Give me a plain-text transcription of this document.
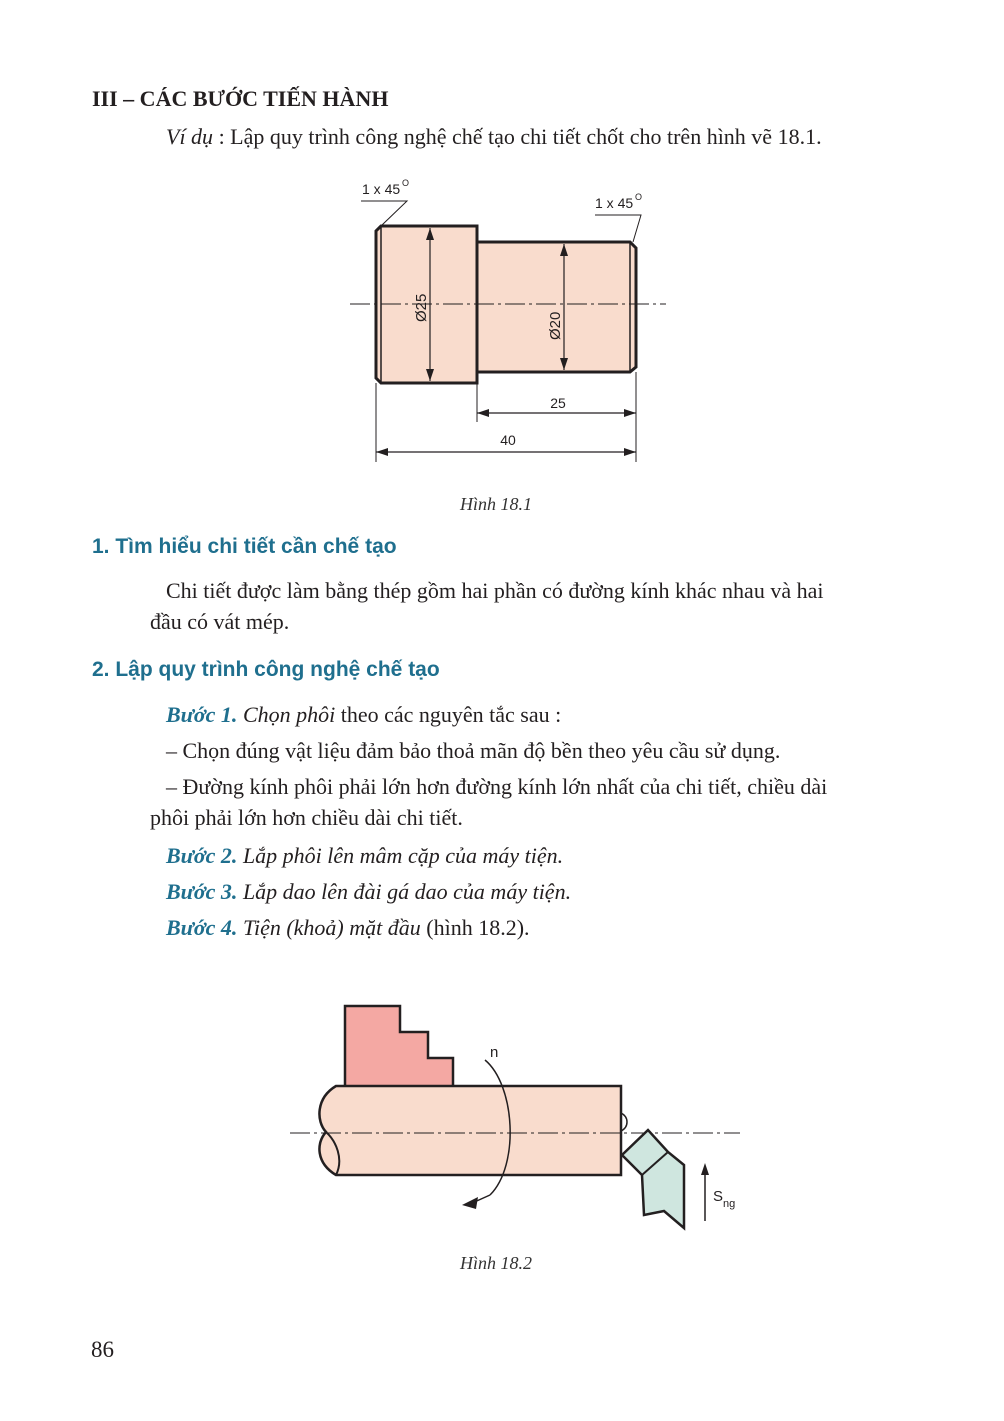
III – CÁC BƯỚC TIẾN HÀNH
Ví dụ : Lập quy trình công nghệ chế tạo chi tiết chốt cho trên hình vẽ 18.1.
Ø25
Ø20
25
40
1 x 45 O
1 x 45 O
Hình 18.1
1. Tìm hiểu chi tiết cần chế tạo
Chi tiết được làm bằng thép gồm hai phần có đường kính khác nhau và hai
đầu có vát mép.
2. Lập quy trình công nghệ chế tạo
Bước 1. Chọn phôi theo các nguyên tắc sau :
– Chọn đúng vật liệu đảm bảo thoả mãn độ bền theo yêu cầu sử dụng.
– Đường kính phôi phải lớn hơn đường kính lớn nhất của chi tiết, chiều dài
phôi phải lớn hơn chiều dài chi tiết.
Bước 2. Lắp phôi lên mâm cặp của máy tiện.
Bước 3. Lắp dao lên đài gá dao của máy tiện.
Bước 4. Tiện (khoả) mặt đầu (hình 18.2).
n
S ng
Hình 18.2
86
